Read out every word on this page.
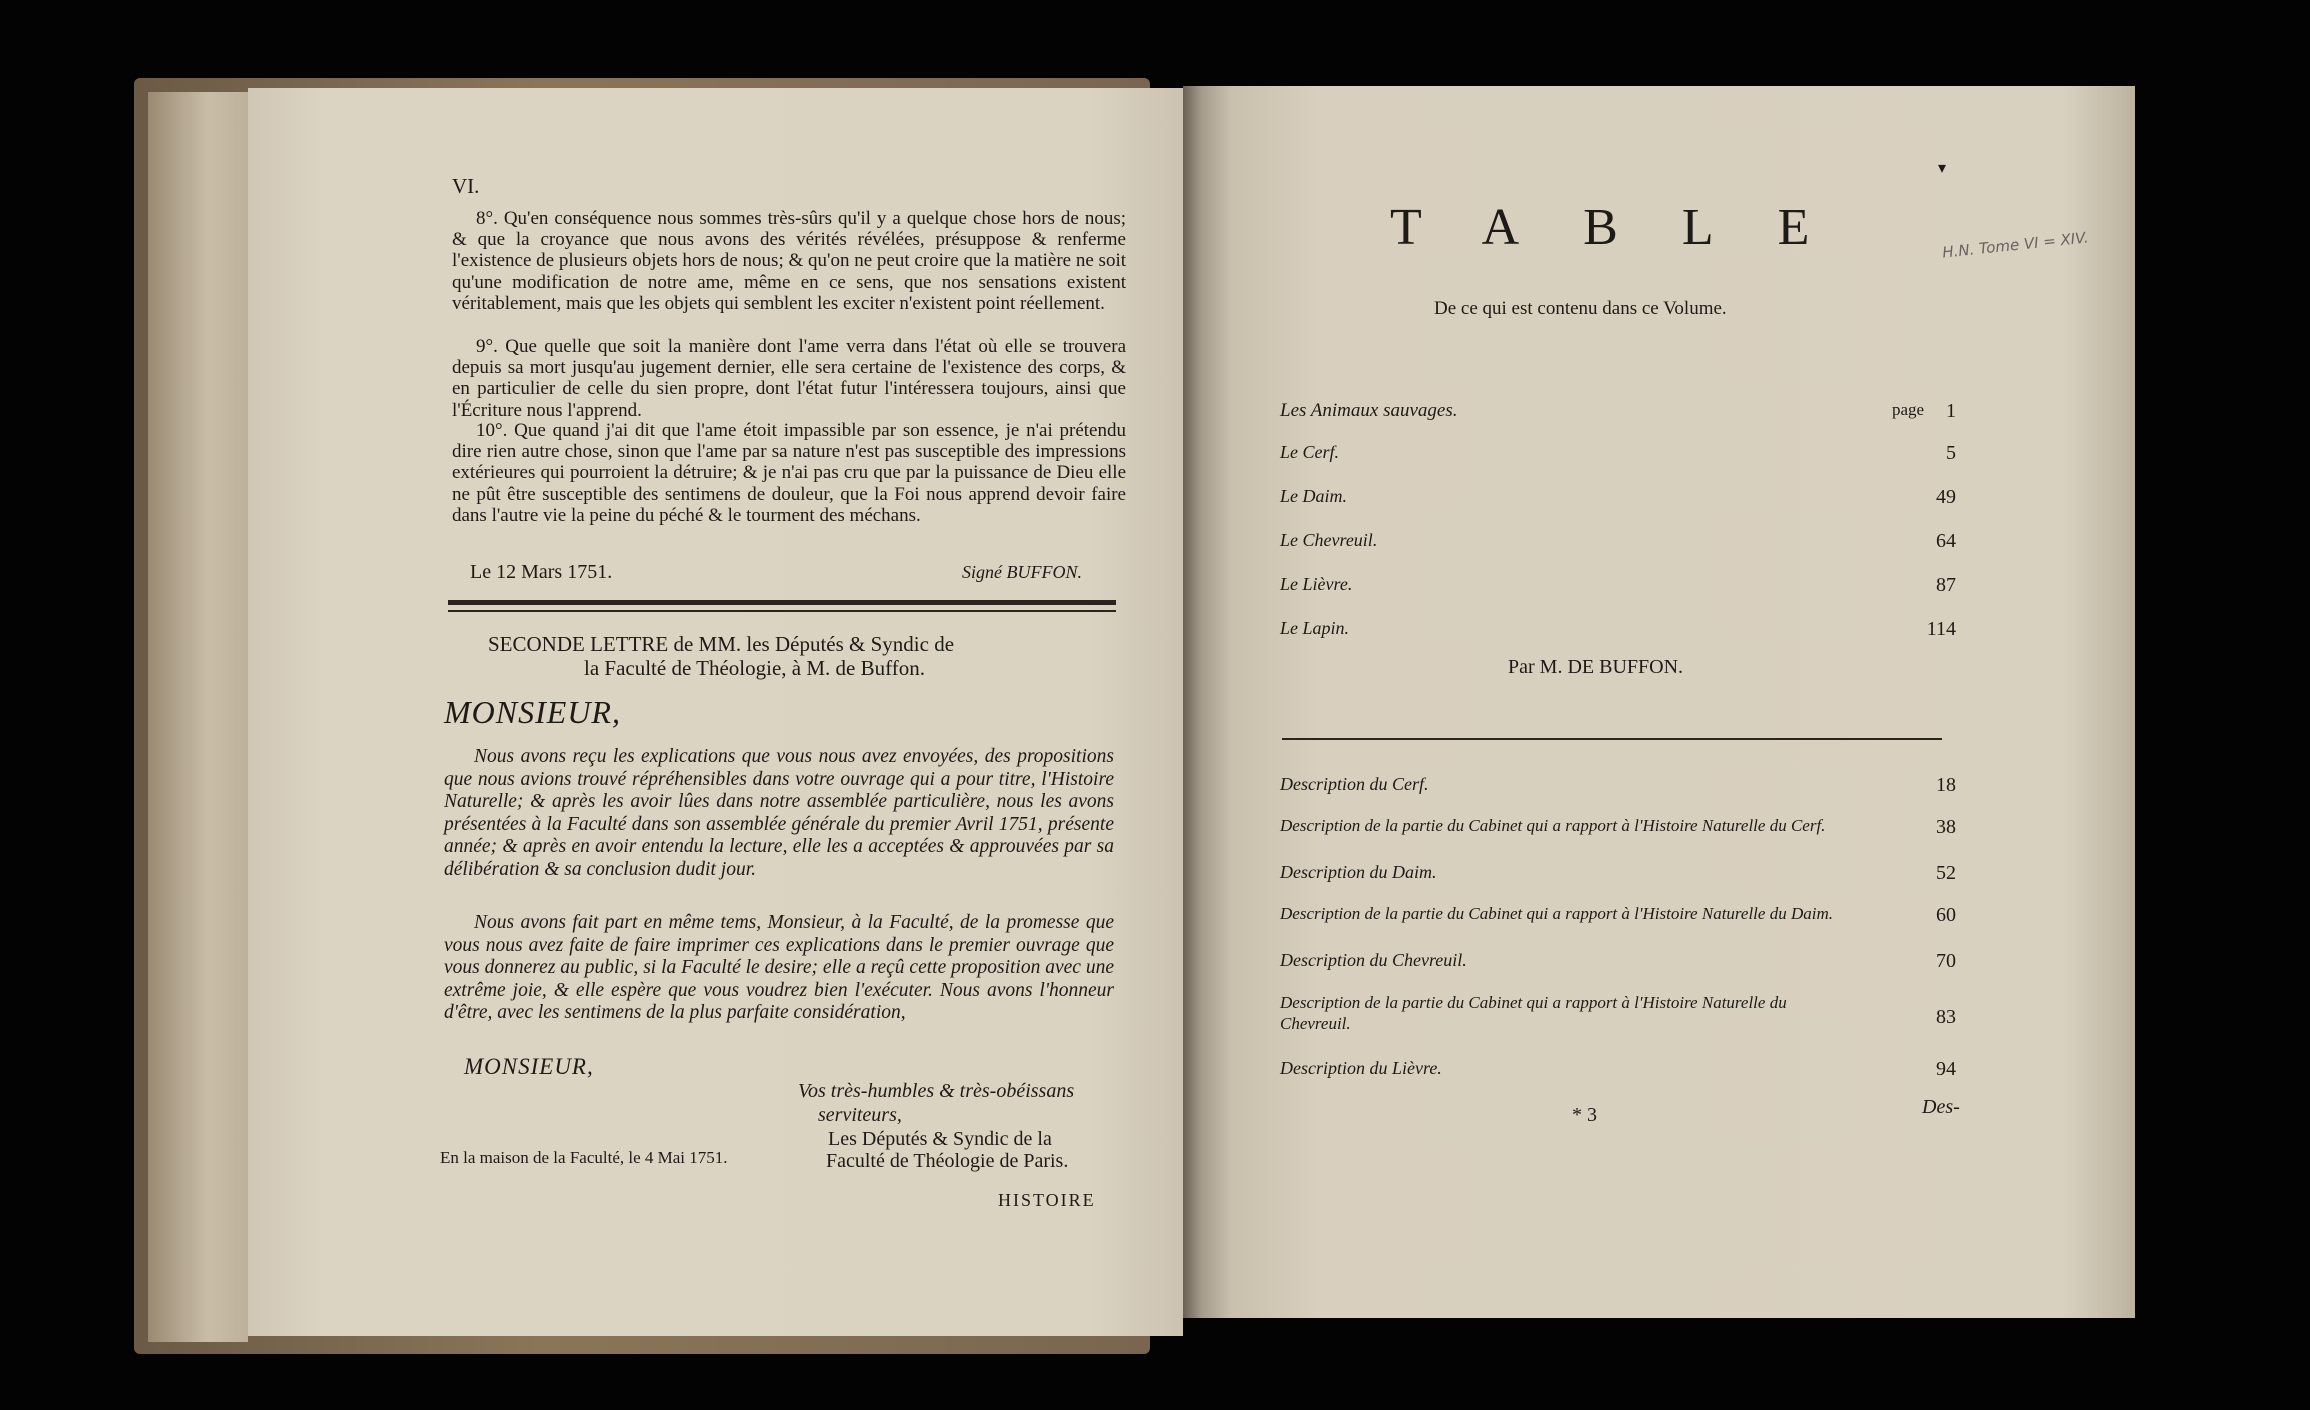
VI.
8°. Qu'en conséquence nous sommes très-sûrs qu'il y a quelque chose hors de nous; & que la croyance que nous avons des vérités révélées, présuppose & renferme l'existence de plusieurs objets hors de nous; & qu'on ne peut croire que la matière ne soit qu'une modification de notre ame, même en ce sens, que nos sensations existent véritablement, mais que les objets qui semblent les exciter n'existent point réellement.
9°. Que quelle que soit la manière dont l'ame verra dans l'état où elle se trouvera depuis sa mort jusqu'au jugement dernier, elle sera certaine de l'existence des corps, & en particulier de celle du sien propre, dont l'état futur l'intéressera toujours, ainsi que l'Écriture nous l'apprend.
10°. Que quand j'ai dit que l'ame étoit impassible par son essence, je n'ai prétendu dire rien autre chose, sinon que l'ame par sa nature n'est pas susceptible des impressions extérieures qui pourroient la détruire; & je n'ai pas cru que par la puissance de Dieu elle ne pût être susceptible des sentimens de douleur, que la Foi nous apprend devoir faire dans l'autre vie la peine du péché & le tourment des méchans.
Le 12 Mars 1751.	Signé BUFFON.
SECONDE LETTRE de MM. les Députés & Syndic de
la Faculté de Théologie, à M. de Buffon.
MONSIEUR,
Nous avons reçu les explications que vous nous avez envoyées, des propositions que nous avions trouvé répréhensibles dans votre ouvrage qui a pour titre, l'Histoire Naturelle; & après les avoir lûes dans notre assemblée particulière, nous les avons présentées à la Faculté dans son assemblée générale du premier Avril 1751, présente année; & après en avoir entendu la lecture, elle les a acceptées & approuvées par sa délibération & sa conclusion dudit jour.
Nous avons fait part en même tems, Monsieur, à la Faculté, de la promesse que vous nous avez faite de faire imprimer ces explications dans le premier ouvrage que vous donnerez au public, si la Faculté le desire; elle a reçû cette proposition avec une extrême joie, & elle espère que vous voudrez bien l'exécuter. Nous avons l'honneur d'être, avec les sentimens de la plus parfaite considération,
MONSIEUR,
Vos très-humbles & très-obéissans
serviteurs,
Les Députés & Syndic de la
Faculté de Théologie de Paris.
En la maison de la Faculté, le 4 Mai 1751.
HISTOIRE
▾
TABLE	H.N. Tome VI = XIV.
De ce qui est contenu dans ce Volume.
page
Les Animaux sauvages.	1
Le Cerf.	5
Le Daim.	49
Le Chevreuil.	64
Le Lièvre.	87
Le Lapin.	114
Par M. DE BUFFON.
Description du Cerf.	18
Description de la partie du Cabinet qui a rapport à l'Histoire Naturelle du Cerf.	38
Description du Daim.	52
Description de la partie du Cabinet qui a rapport à l'Histoire Naturelle du Daim.	60
Description du Chevreuil.	70
Description de la partie du Cabinet qui a rapport à l'Histoire Naturelle du Chevreuil.	83
Description du Lièvre.	94
* 3	Des-
